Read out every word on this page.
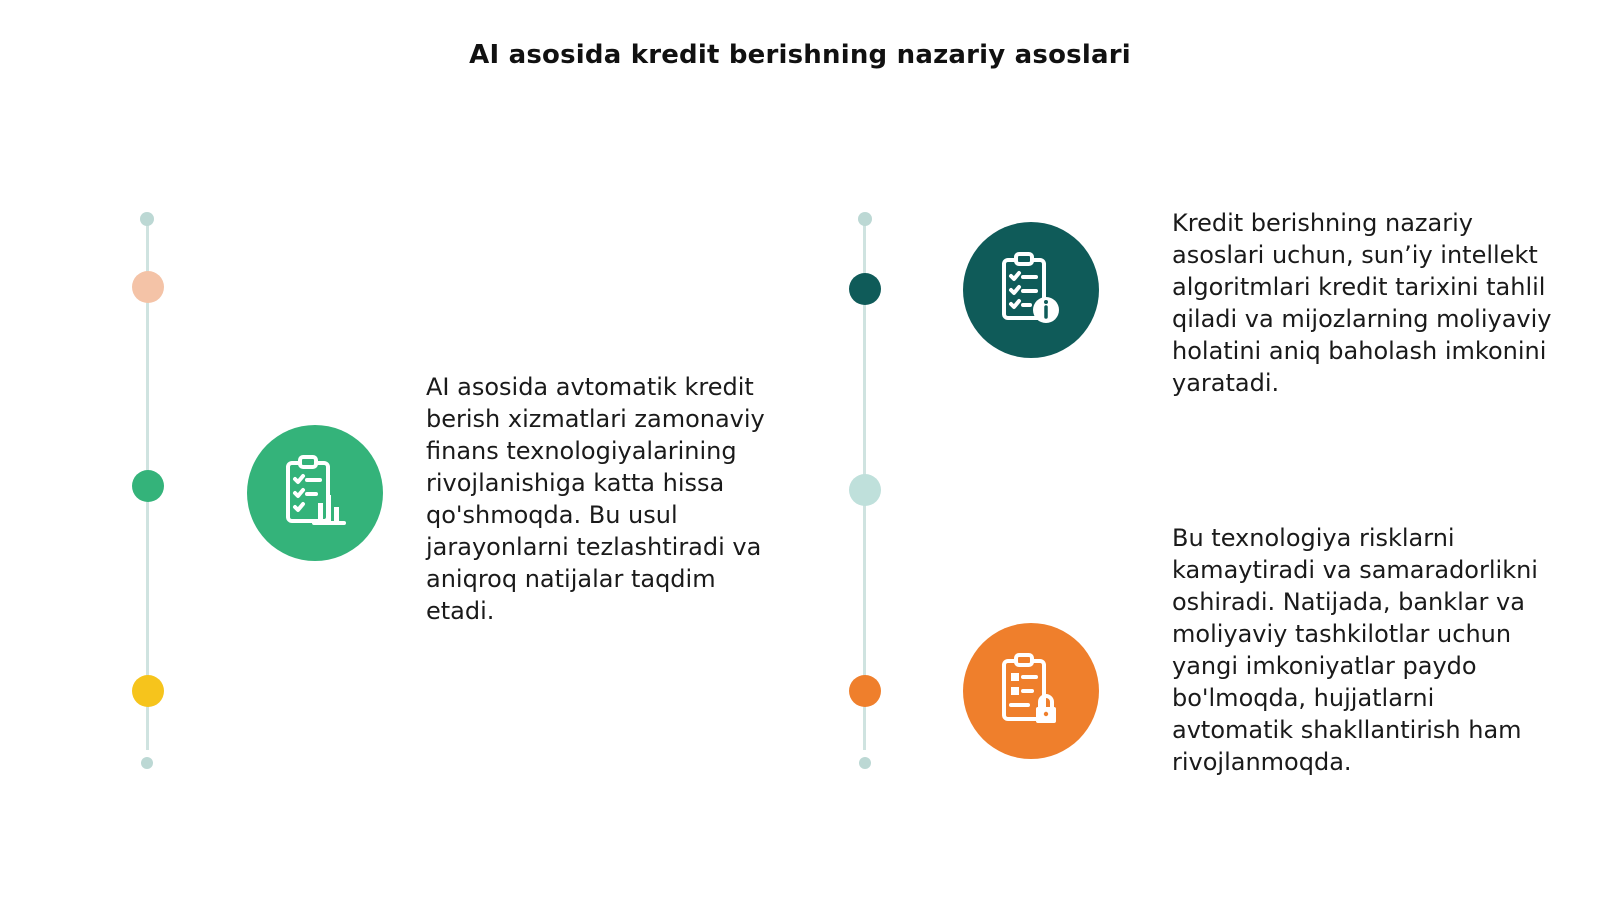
AI asosida kredit berishning nazariy asoslari
AI asosida avtomatik kredit berish xizmatlari zamonaviy finans texnologiyalarining rivojlanishiga katta hissa qo'shmoqda. Bu usul jarayonlarni tezlashtiradi va aniqroq natijalar taqdim etadi.
Kredit berishning nazariy asoslari uchun, sun’iy intellekt algoritmlari kredit tarixini tahlil qiladi va mijozlarning moliyaviy holatini aniq baholash imkonini yaratadi.
Bu texnologiya risklarni kamaytiradi va samaradorlikni oshiradi. Natijada, banklar va moliyaviy tashkilotlar uchun yangi imkoniyatlar paydo bo'lmoqda, hujjatlarni avtomatik shakllantirish ham rivojlanmoqda.
